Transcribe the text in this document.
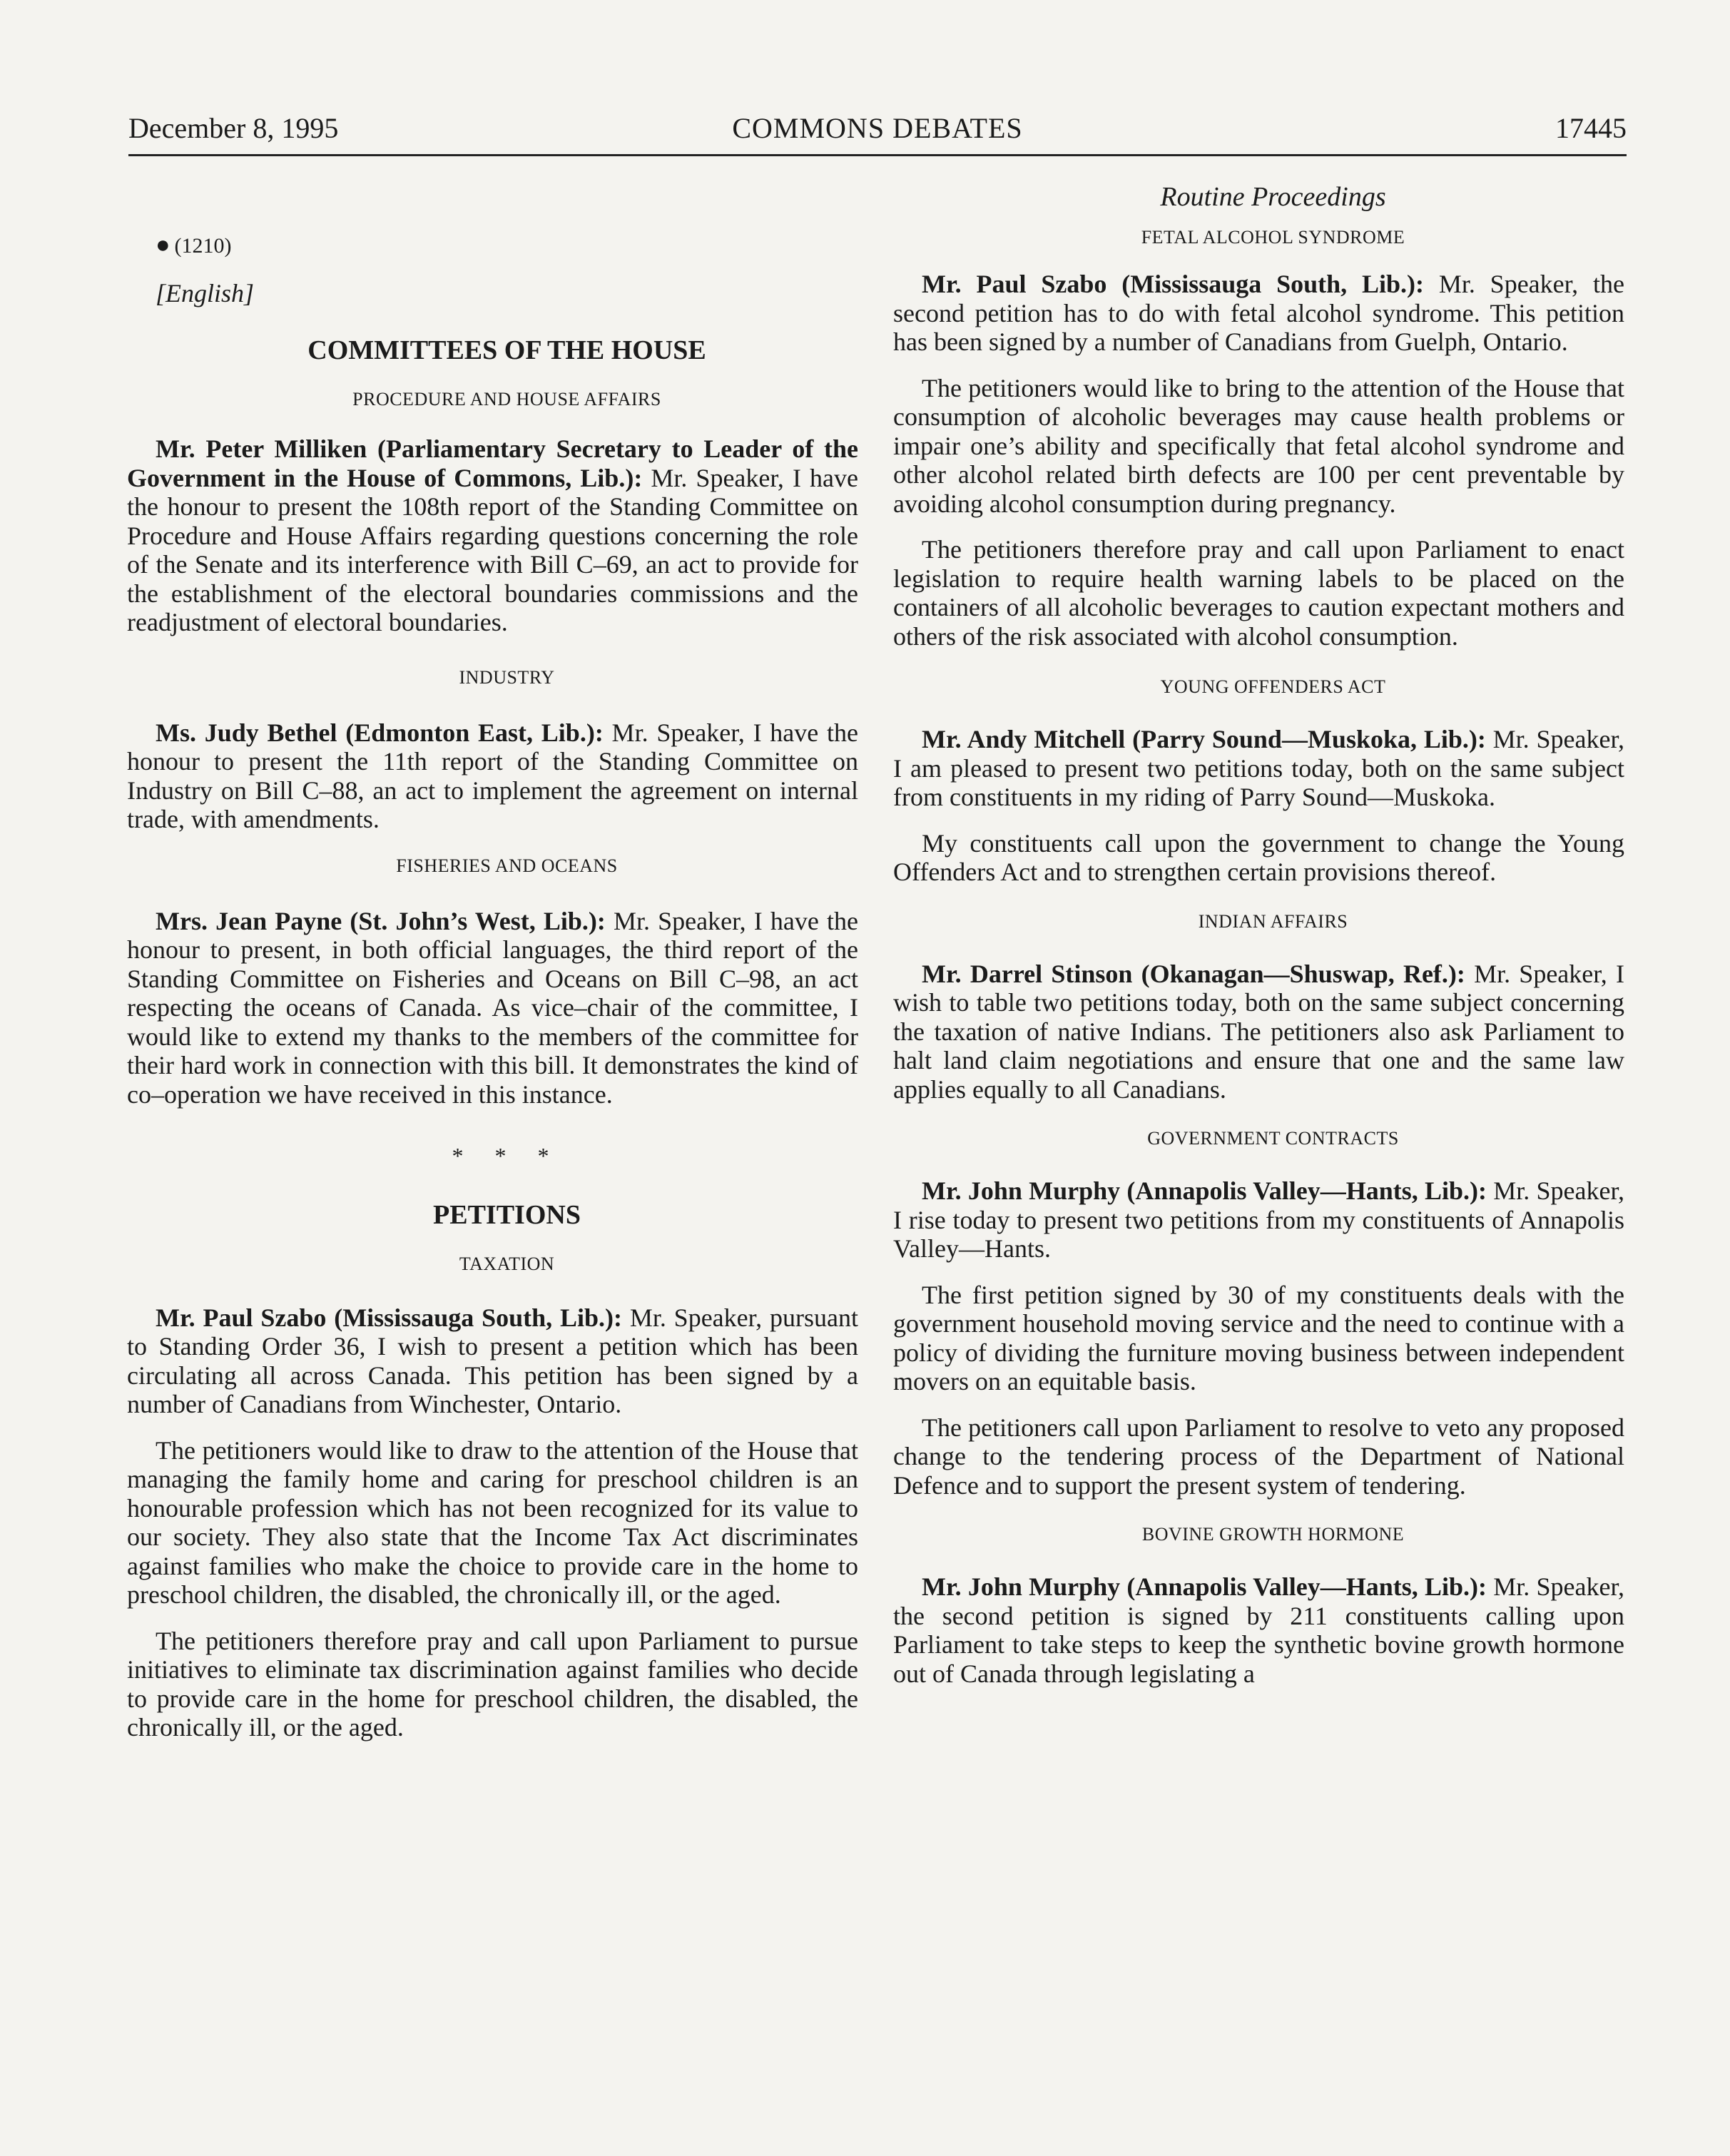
December 8, 1995	COMMONS DEBATES	17445

● (1210)

[English]

COMMITTEES OF THE HOUSE

PROCEDURE AND HOUSE AFFAIRS

Mr. Peter Milliken (Parliamentary Secretary to Leader of the Government in the House of Commons, Lib.): Mr. Speaker, I have the honour to present the 108th report of the Standing Committee on Procedure and House Affairs regarding questions concerning the role of the Senate and its interference with Bill C–69, an act to provide for the establishment of the electoral boundaries commissions and the readjustment of electoral boundaries.

INDUSTRY

Ms. Judy Bethel (Edmonton East, Lib.): Mr. Speaker, I have the honour to present the 11th report of the Standing Committee on Industry on Bill C–88, an act to implement the agreement on internal trade, with amendments.

FISHERIES AND OCEANS

Mrs. Jean Payne (St. John’s West, Lib.): Mr. Speaker, I have the honour to present, in both official languages, the third report of the Standing Committee on Fisheries and Oceans on Bill C–98, an act respecting the oceans of Canada. As vice–chair of the committee, I would like to extend my thanks to the members of the committee for their hard work in connection with this bill. It demonstrates the kind of co–operation we have received in this instance.

* * *

PETITIONS

TAXATION

Mr. Paul Szabo (Mississauga South, Lib.): Mr. Speaker, pursuant to Standing Order 36, I wish to present a petition which has been circulating all across Canada. This petition has been signed by a number of Canadians from Winchester, Ontario.

The petitioners would like to draw to the attention of the House that managing the family home and caring for preschool children is an honourable profession which has not been recognized for its value to our society. They also state that the Income Tax Act discriminates against families who make the choice to provide care in the home to preschool children, the disabled, the chronically ill, or the aged.

The petitioners therefore pray and call upon Parliament to pursue initiatives to eliminate tax discrimination against families who decide to provide care in the home for preschool children, the disabled, the chronically ill, or the aged.

Routine Proceedings

FETAL ALCOHOL SYNDROME

Mr. Paul Szabo (Mississauga South, Lib.): Mr. Speaker, the second petition has to do with fetal alcohol syndrome. This petition has been signed by a number of Canadians from Guelph, Ontario.

The petitioners would like to bring to the attention of the House that consumption of alcoholic beverages may cause health problems or impair one’s ability and specifically that fetal alcohol syndrome and other alcohol related birth defects are 100 per cent preventable by avoiding alcohol consumption during pregnancy.

The petitioners therefore pray and call upon Parliament to enact legislation to require health warning labels to be placed on the containers of all alcoholic beverages to caution expectant mothers and others of the risk associated with alcohol consumption.

YOUNG OFFENDERS ACT

Mr. Andy Mitchell (Parry Sound—Muskoka, Lib.): Mr. Speaker, I am pleased to present two petitions today, both on the same subject from constituents in my riding of Parry Sound—Muskoka.

My constituents call upon the government to change the Young Offenders Act and to strengthen certain provisions thereof.

INDIAN AFFAIRS

Mr. Darrel Stinson (Okanagan—Shuswap, Ref.): Mr. Speaker, I wish to table two petitions today, both on the same subject concerning the taxation of native Indians. The petitioners also ask Parliament to halt land claim negotiations and ensure that one and the same law applies equally to all Canadians.

GOVERNMENT CONTRACTS

Mr. John Murphy (Annapolis Valley—Hants, Lib.): Mr. Speaker, I rise today to present two petitions from my constituents of Annapolis Valley—Hants.

The first petition signed by 30 of my constituents deals with the government household moving service and the need to continue with a policy of dividing the furniture moving business between independent movers on an equitable basis.

The petitioners call upon Parliament to resolve to veto any proposed change to the tendering process of the Department of National Defence and to support the present system of tendering.

BOVINE GROWTH HORMONE

Mr. John Murphy (Annapolis Valley—Hants, Lib.): Mr. Speaker, the second petition is signed by 211 constituents calling upon Parliament to take steps to keep the synthetic bovine growth hormone out of Canada through legislating a
